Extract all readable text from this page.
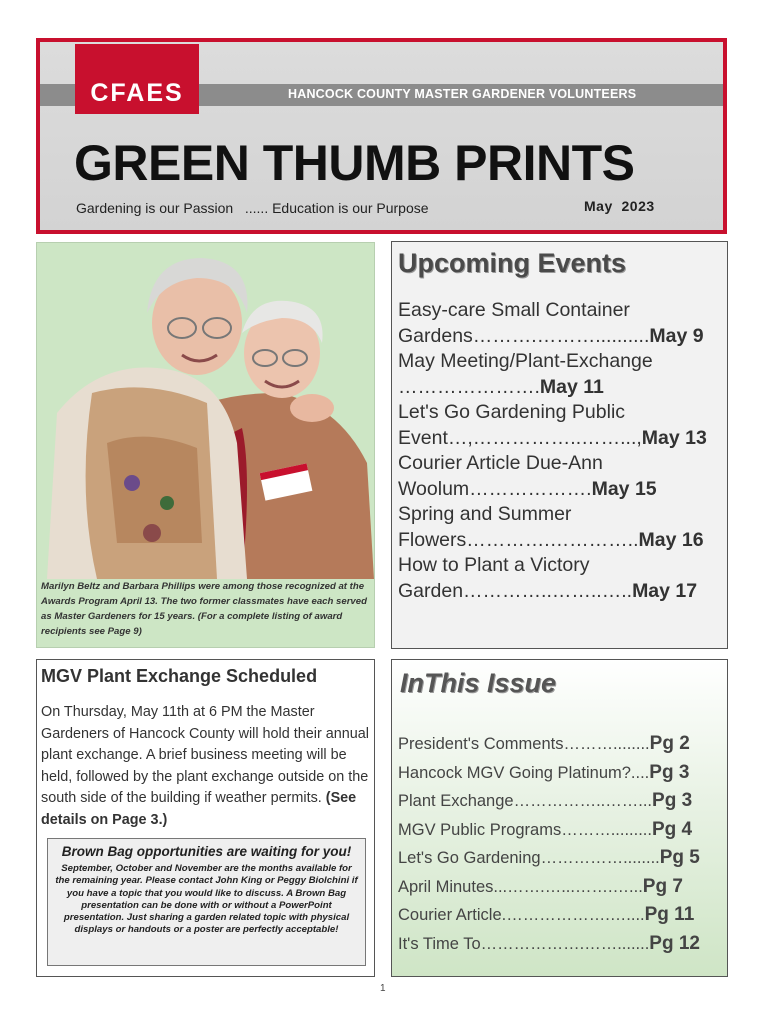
CFAES	HANCOCK COUNTY MASTER GARDENER VOLUNTEERS
GREEN THUMB PRINTS
Gardening is our Passion   ...... Education is our Purpose	May  2023
Marilyn Beltz and Barbara Phillips were among those recognized at the Awards Program April 13. The two former classmates have each served as Master Gardeners for 15 years. (For a complete listing of award recipients see Page 9)
Upcoming Events
Easy-care Small Container Gardens……….………..........May 9
May Meeting/Plant-Exchange ………………….May 11
Let's Go Gardening Public Event…,……………..……...,May 13
Courier Article Due-Ann Woolum……………….May 15
Spring and Summer Flowers………….…………..May 16
How to Plant a Victory Garden…………..……..…..May 17
MGV Plant Exchange Scheduled
On Thursday, May 11th at 6 PM the Master Gardeners of Hancock County will hold their annual plant exchange. A brief business meeting will be held, followed by the plant exchange outside on the south side of the building if weather permits. (See details on Page 3.)
Brown Bag opportunities are waiting for you!
September, October and November are the months available for the remaining year. Please contact John King or Peggy Biolchini if you have a topic that you would like to discuss. A Brown Bag presentation can be done with or without a PowerPoint presentation. Just sharing a garden related topic with physical displays or handouts or a poster are perfectly acceptable!
InThis Issue
President's Comments………........Pg 2
Hancock MGV Going Platinum?....Pg 3
Plant Exchange……………..……...Pg 3
MGV Public Programs……….........Pg 4
Let's Go Gardening……………........Pg 5
April Minutes...…….…...…….…...Pg 7
Courier Article.……………….…....Pg 11
It's Time To……………….…….......Pg 12
1
